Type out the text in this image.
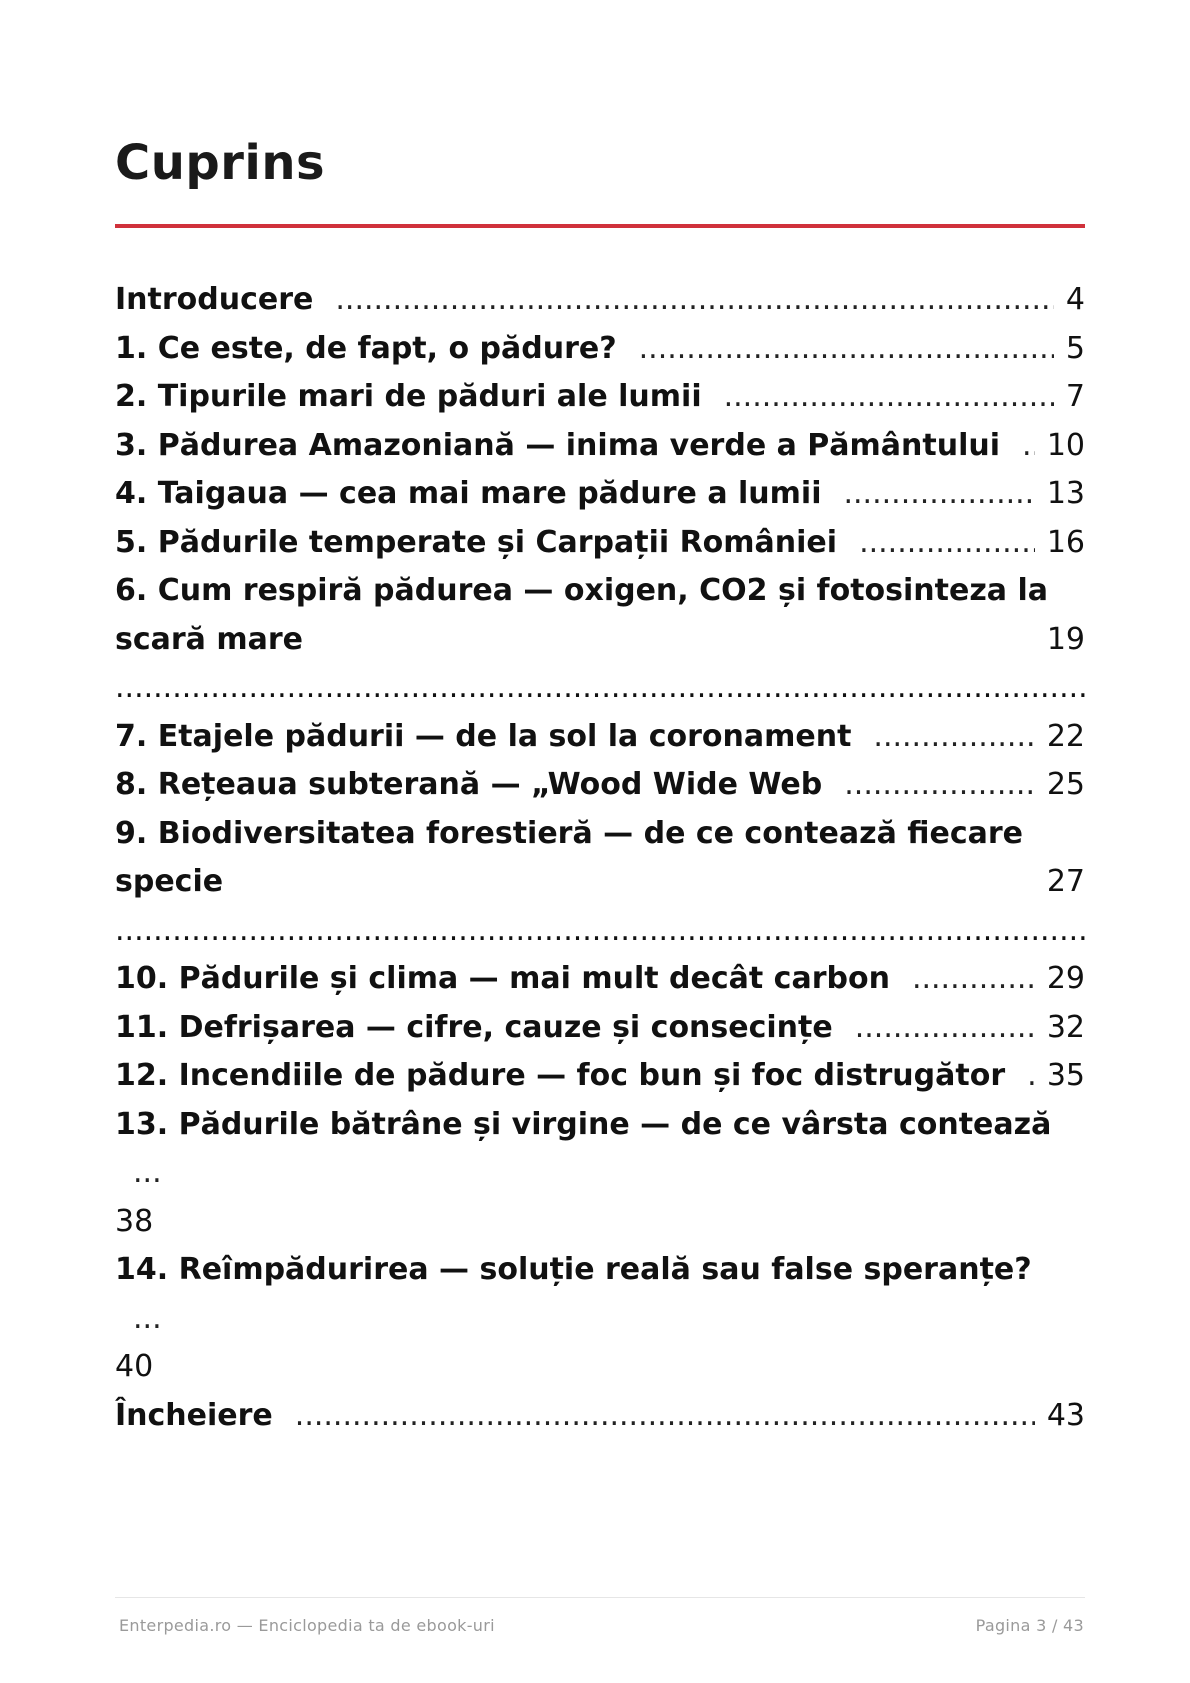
Cuprins
Introducere	4
.....
1. Ce este, de fapt, o pădure?	5
.....
2. Tipurile mari de păduri ale lumii	7
.....
3. Pădurea Amazoniană — inima verde a Pământului	10
.....
4. Taigaua — cea mai mare pădure a lumii	13
.....
5. Pădurile temperate și Carpații României	16
.....
6. Cum respiră pădurea — oxigen, CO2 și fotosinteza la
scară mare	19
.....
7. Etajele pădurii — de la sol la coronament	22
.....
8. Rețeaua subterană — „Wood Wide Web	25
.....
9. Biodiversitatea forestieră — de ce contează fiecare
specie	27
.....
10. Pădurile și clima — mai mult decât carbon	29
.....
11. Defrișarea — cifre, cauze și consecințe	32
.....
12. Incendiile de pădure — foc bun și foc distrugător	35
.....
13. Pădurile bătrâne și virgine — de ce vârsta contează ...
38
14. Reîmpădurirea — soluție reală sau false speranțe? ...
40
Încheiere	43
.....
Enterpedia.ro — Enciclopedia ta de ebook-uri	Pagina 3 / 43
